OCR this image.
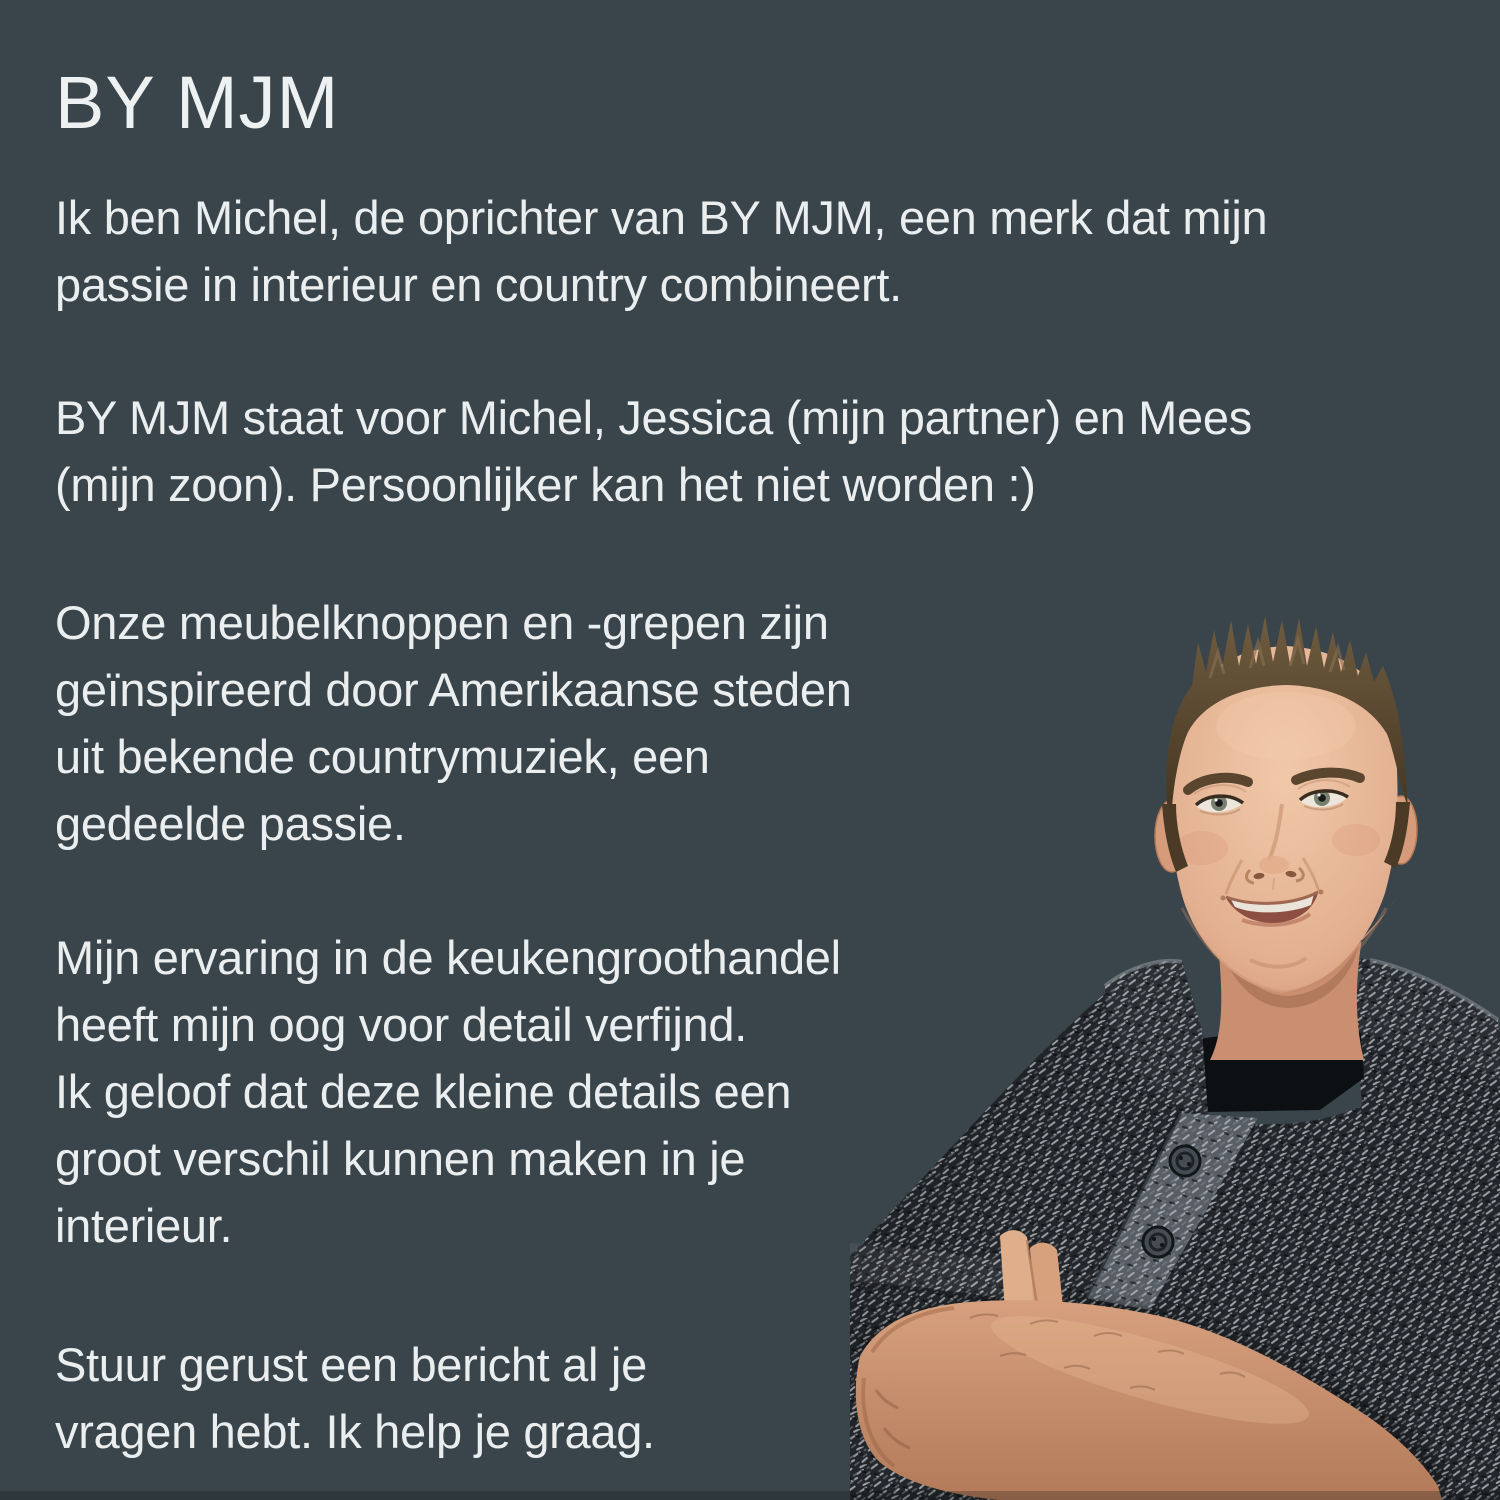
BY MJM
Ik ben Michel, de oprichter van BY MJM, een merk dat mijn
passie in interieur en country combineert.
BY MJM staat voor Michel, Jessica (mijn partner) en Mees
(mijn zoon). Persoonlijker kan het niet worden :)
Onze meubelknoppen en -grepen zijn
geïnspireerd door Amerikaanse steden
uit bekende countrymuziek, een
gedeelde passie.
Mijn ervaring in de keukengroothandel
heeft mijn oog voor detail verfijnd.
Ik geloof dat deze kleine details een
groot verschil kunnen maken in je
interieur.
Stuur gerust een bericht al je
vragen hebt. Ik help je graag.
